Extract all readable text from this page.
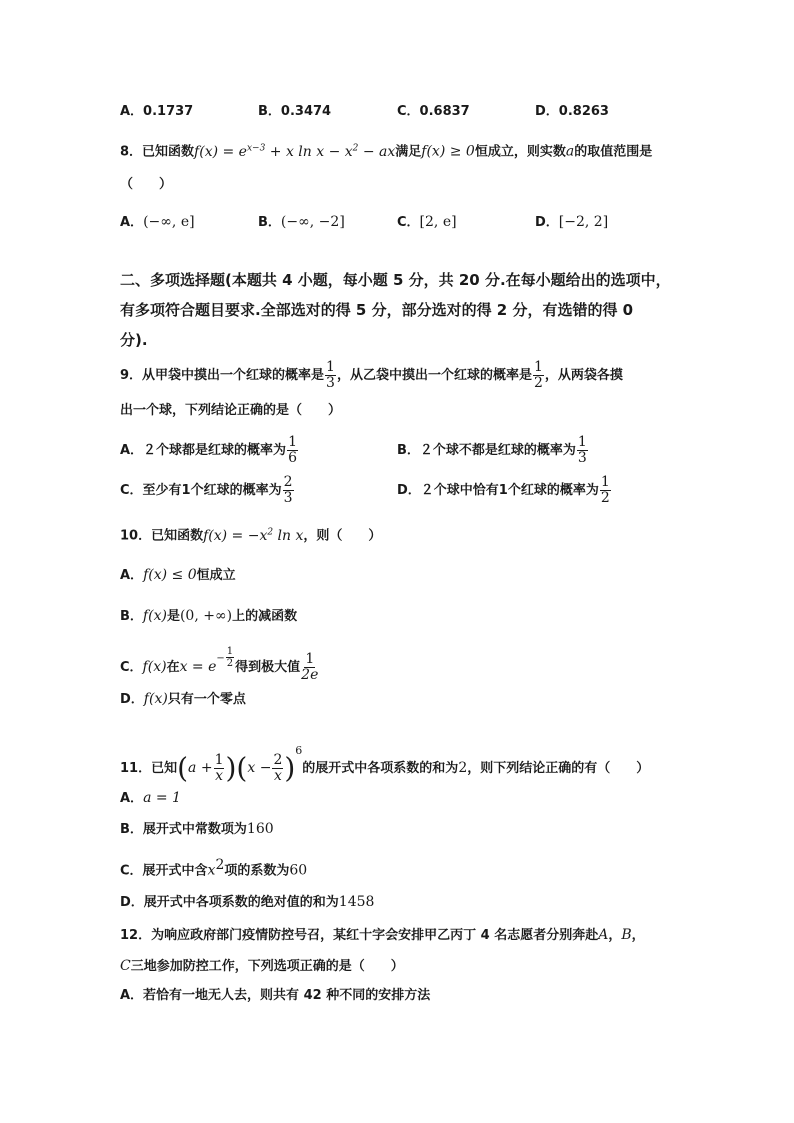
A．0.1737	B．0.3474	C．0.6837	D．0.8263
8．已知函数$f(x) = e^{x-3} + x$ $\ln x - x^2$ − ax满足f(x) ≥ 0恒成立，则实数a的取值范围是
（　　）
A．(−∞, e]	B．(−∞, −2]	C．[2, e]	D．[−2, 2]
二、多项选择题(本题共 4 小题，每小题 5 分，共 20 分.在每小题给出的选项中，
有多项符合题目要求.全部选对的得 5 分，部分选对的得 2 分，有选错的得 0
分).
9．从甲袋中摸出一个红球的概率是 $\frac{1}{3}$ ，从乙袋中摸出一个红球的概率是 $\frac{1}{2}$ ，从两袋各摸
出一个球，下列结论正确的是（　　）
A．２个球都是红球的概率为 $\frac{1}{6}$	B．２个球不都是红球的概率为 $\frac{1}{3}$
C．至少有1个红球的概率为 $\frac{2}{3}$	D．２个球中恰有1个红球的概率为 $\frac{1}{2}$
10．已知函数$f(x) = -x^2$ ln x，则（　　）
A．f(x) ≤ 0恒成立
B．f(x)是(0, +∞)上的减函数
C．f(x)在$x = e- \frac{1}{2}$ 得到极大值 $\frac{1}{2e}$
D．f(x)只有一个零点
11．已知$(a + \frac{1}{x} )(x - \frac{2}{x} )^6$的展开式中各项系数的和为2，则下列结论正确的有（　　）
A．a = 1
B．展开式中常数项为160
C．展开式中含$x^2$项的系数为60
D．展开式中各项系数的绝对值的和为1458
12．为响应政府部门疫情防控号召，某红十字会安排甲乙丙丁 4 名志愿者分别奔赴A，B，
C三地参加防控工作，下列选项正确的是（　　）
A．若恰有一地无人去，则共有 42 种不同的安排方法
